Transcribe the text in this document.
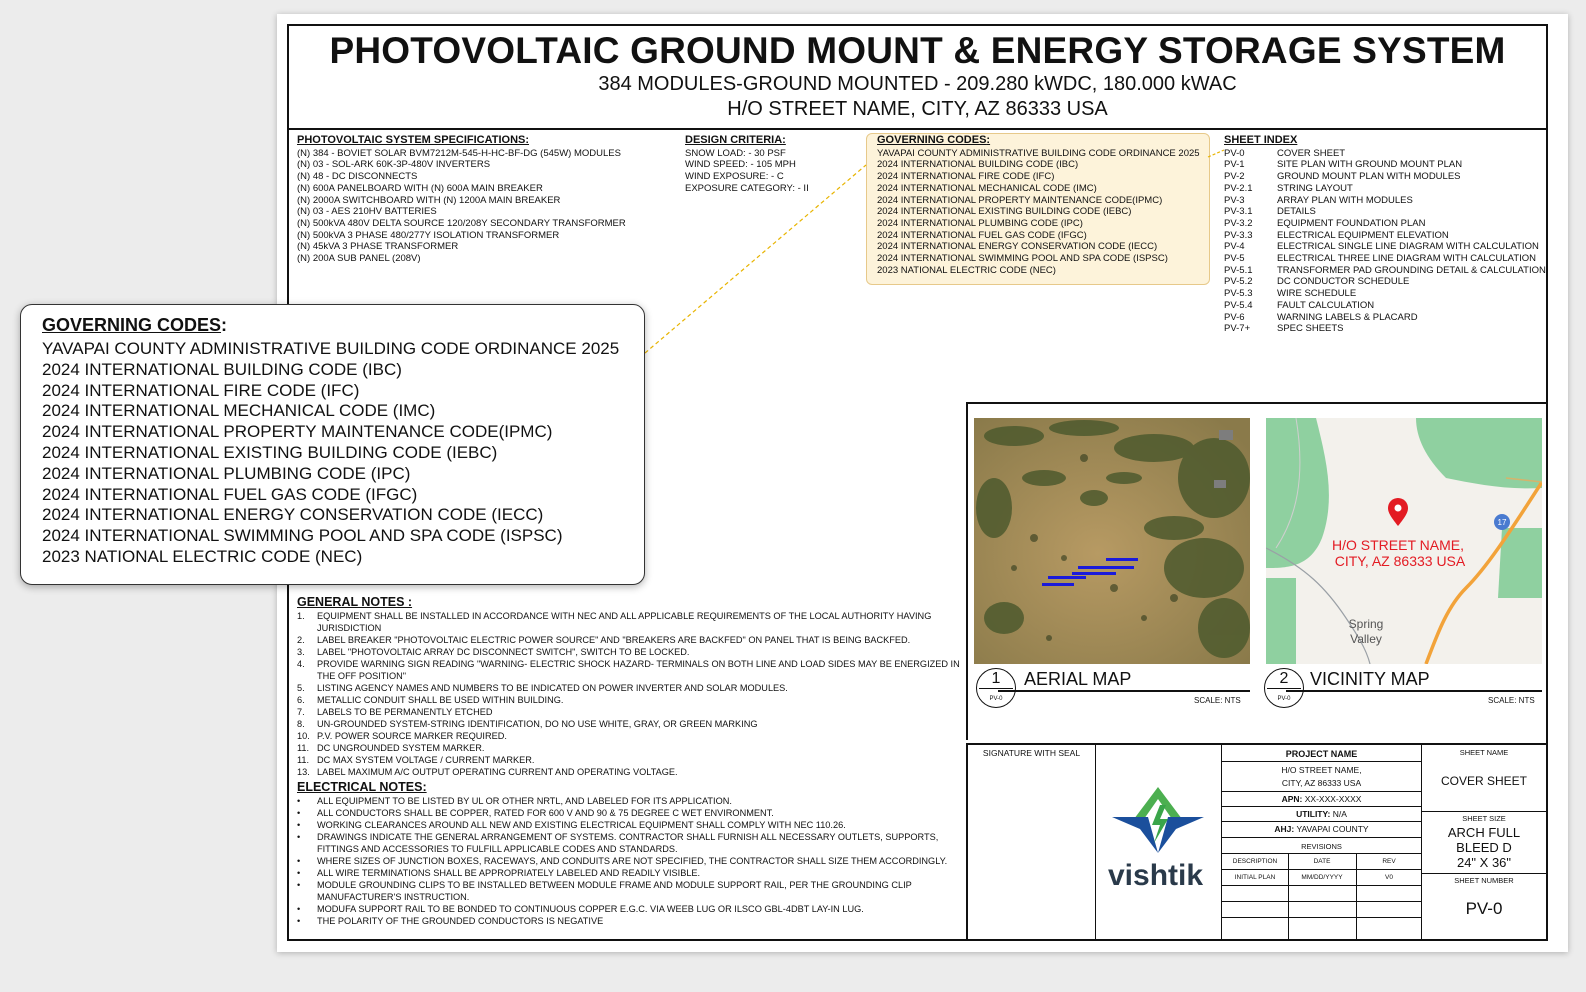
PHOTOVOLTAIC GROUND MOUNT & ENERGY STORAGE SYSTEM
384 MODULES-GROUND MOUNTED - 209.280 kWDC, 180.000 kWAC
H/O STREET NAME, CITY, AZ 86333 USA
PHOTOVOLTAIC SYSTEM SPECIFICATIONS:
(N) 384 - BOVIET SOLAR BVM7212M-545-H-HC-BF-DG (545W) MODULES
(N) 03 - SOL-ARK 60K-3P-480V INVERTERS
(N) 48 - DC DISCONNECTS
(N) 600A PANELBOARD WITH (N) 600A MAIN BREAKER
(N) 2000A SWITCHBOARD WITH (N) 1200A MAIN BREAKER
(N) 03 - AES 210HV BATTERIES
(N) 500kVA 480V DELTA SOURCE 120/208Y SECONDARY TRANSFORMER
(N) 500kVA 3 PHASE 480/277Y ISOLATION TRANSFORMER
(N) 45kVA 3 PHASE TRANSFORMER
(N) 200A SUB PANEL (208V)
DESIGN CRITERIA:
SNOW LOAD: - 30 PSF
WIND SPEED: - 105 MPH
WIND EXPOSURE: - C
EXPOSURE CATEGORY: - II
GOVERNING CODES:
YAVAPAI COUNTY ADMINISTRATIVE BUILDING CODE ORDINANCE 2025
2024 INTERNATIONAL BUILDING CODE (IBC)
2024 INTERNATIONAL FIRE CODE (IFC)
2024 INTERNATIONAL MECHANICAL CODE (IMC)
2024 INTERNATIONAL PROPERTY MAINTENANCE CODE(IPMC)
2024 INTERNATIONAL EXISTING BUILDING CODE (IEBC)
2024 INTERNATIONAL PLUMBING CODE (IPC)
2024 INTERNATIONAL FUEL GAS CODE (IFGC)
2024 INTERNATIONAL ENERGY CONSERVATION CODE (IECC)
2024 INTERNATIONAL SWIMMING POOL AND SPA CODE (ISPSC)
2023 NATIONAL ELECTRIC CODE (NEC)
SHEET INDEX
PV-0	COVER SHEET
PV-1	SITE PLAN WITH GROUND MOUNT PLAN
PV-2	GROUND MOUNT PLAN WITH MODULES
PV-2.1	STRING LAYOUT
PV-3	ARRAY PLAN WITH MODULES
PV-3.1	DETAILS
PV-3.2	EQUIPMENT FOUNDATION PLAN
PV-3.3	ELECTRICAL EQUIPMENT ELEVATION
PV-4	ELECTRICAL SINGLE LINE DIAGRAM WITH CALCULATION
PV-5	ELECTRICAL THREE LINE DIAGRAM WITH CALCULATION
PV-5.1	TRANSFORMER PAD GROUNDING DETAIL & CALCULATION
PV-5.2	DC CONDUCTOR SCHEDULE
PV-5.3	WIRE SCHEDULE
PV-5.4	FAULT CALCULATION
PV-6	WARNING LABELS & PLACARD
PV-7+	SPEC SHEETS
GOVERNING CODES:
YAVAPAI COUNTY ADMINISTRATIVE BUILDING CODE ORDINANCE 2025
2024 INTERNATIONAL BUILDING CODE (IBC)
2024 INTERNATIONAL FIRE CODE (IFC)
2024 INTERNATIONAL MECHANICAL CODE (IMC)
2024 INTERNATIONAL PROPERTY MAINTENANCE CODE(IPMC)
2024 INTERNATIONAL EXISTING BUILDING CODE (IEBC)
2024 INTERNATIONAL PLUMBING CODE (IPC)
2024 INTERNATIONAL FUEL GAS CODE (IFGC)
2024 INTERNATIONAL ENERGY CONSERVATION CODE (IECC)
2024 INTERNATIONAL SWIMMING POOL AND SPA CODE (ISPSC)
2023 NATIONAL ELECTRIC CODE (NEC)
GENERAL NOTES :
1.	EQUIPMENT SHALL BE INSTALLED IN ACCORDANCE WITH NEC AND ALL APPLICABLE REQUIREMENTS OF THE LOCAL AUTHORITY HAVING JURISDICTION
2.	LABEL BREAKER "PHOTOVOLTAIC ELECTRIC POWER SOURCE" AND "BREAKERS ARE BACKFED" ON PANEL THAT IS BEING BACKFED.
3.	LABEL "PHOTOVOLTAIC ARRAY DC DISCONNECT SWITCH", SWITCH TO BE LOCKED.
4.	PROVIDE WARNING SIGN READING "WARNING- ELECTRIC SHOCK HAZARD- TERMINALS ON BOTH LINE AND LOAD SIDES MAY BE ENERGIZED IN THE OFF POSITION"
5.	LISTING AGENCY NAMES AND NUMBERS TO BE INDICATED ON POWER INVERTER AND SOLAR MODULES.
6.	METALLIC CONDUIT SHALL BE USED WITHIN BUILDING.
7.	LABELS TO BE PERMANENTLY ETCHED
8.	UN-GROUNDED SYSTEM-STRING IDENTIFICATION, DO NO USE WHITE, GRAY, OR GREEN MARKING
10. P.V. POWER SOURCE MARKER REQUIRED.
11. DC UNGROUNDED SYSTEM MARKER.
11. DC MAX SYSTEM VOLTAGE / CURRENT MARKER.
13. LABEL MAXIMUM A/C OUTPUT OPERATING CURRENT AND OPERATING VOLTAGE.
ELECTRICAL NOTES:
•	ALL EQUIPMENT TO BE LISTED BY UL OR OTHER NRTL, AND LABELED FOR ITS APPLICATION.
•	ALL CONDUCTORS SHALL BE COPPER, RATED FOR 600 V AND 90 & 75 DEGREE C WET ENVIRONMENT.
•	WORKING CLEARANCES AROUND ALL NEW AND EXISTING ELECTRICAL EQUIPMENT SHALL COMPLY WITH NEC 110.26.
•	DRAWINGS INDICATE THE GENERAL ARRANGEMENT OF SYSTEMS. CONTRACTOR SHALL FURNISH ALL NECESSARY OUTLETS, SUPPORTS, FITTINGS AND ACCESSORIES TO FULFILL APPLICABLE CODES AND STANDARDS.
•	WHERE SIZES OF JUNCTION BOXES, RACEWAYS, AND CONDUITS ARE NOT SPECIFIED, THE CONTRACTOR SHALL SIZE THEM ACCORDINGLY.
•	ALL WIRE TERMINATIONS SHALL BE APPROPRIATELY LABELED AND READILY VISIBLE.
•	MODULE GROUNDING CLIPS TO BE INSTALLED BETWEEN MODULE FRAME AND MODULE SUPPORT RAIL, PER THE GROUNDING CLIP MANUFACTURER'S INSTRUCTION.
•	MODUFA SUPPORT RAIL TO BE BONDED TO CONTINUOUS COPPER E.G.C. VIA WEEB LUG OR ILSCO GBL-4DBT LAY-IN LUG.
•	THE POLARITY OF THE GROUNDED CONDUCTORS IS NEGATIVE
17
H/O STREET NAME,
CITY, AZ 86333 USA
Spring
Valley
1
PV-0
AERIAL MAP
SCALE: NTS
2
PV-0
VICINITY MAP
SCALE: NTS
SIGNATURE WITH SEAL
vishtik
PROJECT NAME
H/O STREET NAME,
CITY, AZ 86333 USA
APN: XX-XXX-XXXX
UTILITY: N/A
AHJ: YAVAPAI COUNTY
REVISIONS
DESCRIPTION	DATE	REV
INITIAL PLAN	MM/DD/YYYY	V0
SHEET NAME
COVER SHEET
SHEET SIZE
ARCH FULL
BLEED D
24" X 36"
SHEET NUMBER
PV-0
